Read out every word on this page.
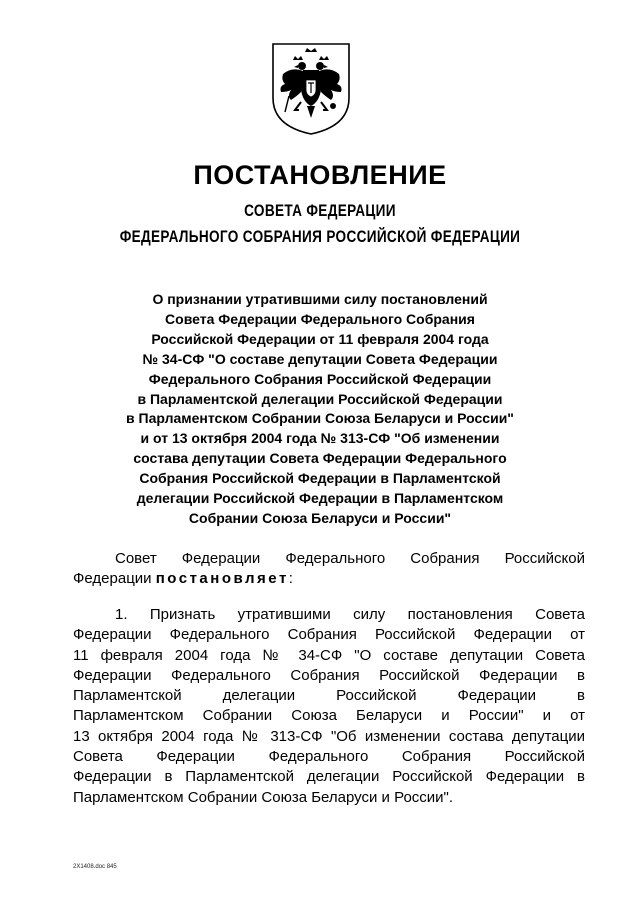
ПОСТАНОВЛЕНИЕ

СОВЕТА ФЕДЕРАЦИИ

ФЕДЕРАЛЬНОГО СОБРАНИЯ РОССИЙСКОЙ ФЕДЕРАЦИИ

О признании утратившими силу постановлений
Совета Федерации Федерального Собрания
Российской Федерации от 11 февраля 2004 года
№ 34-СФ "О составе депутации Совета Федерации
Федерального Собрания Российской Федерации
в Парламентской делегации Российской Федерации
в Парламентском Собрании Союза Беларуси и России"
и от 13 октября 2004 года № 313-СФ "Об изменении
состава депутации Совета Федерации Федерального
Собрания Российской Федерации в Парламентской
делегации Российской Федерации в Парламентском
Собрании Союза Беларуси и России"
Совет Федерации Федерального Собрания Российской
Федерации постановляет:
1. Признать утратившими силу постановления Совета
Федерации Федерального Собрания Российской Федерации от
11 февраля 2004 года № 34-СФ "О составе депутации Совета
Федерации Федерального Собрания Российской Федерации в
Парламентской делегации Российской Федерации в
Парламентском Собрании Союза Беларуси и России" и от
13 октября 2004 года № 313-СФ "Об изменении состава депутации
Совета Федерации Федерального Собрания Российской
Федерации в Парламентской делегации Российской Федерации в
Парламентском Собрании Союза Беларуси и России".
2Х1408.doc 845
